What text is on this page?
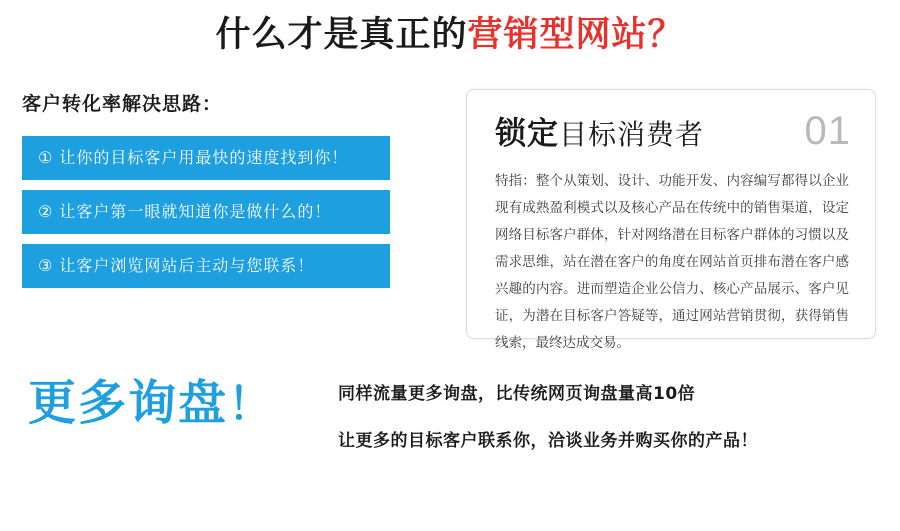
什么才是真正的营销型网站？
客户转化率解决思路：
① 让你的目标客户用最快的速度找到你！
② 让客户第一眼就知道你是做什么的！
③ 让客户浏览网站后主动与您联系！
锁定 目标消费者	01
特指：整个从策划、设计、功能开发、内容编写都得以企业现有成熟盈利模式以及核心产品在传统中的销售渠道，设定网络目标客户群体，针对网络潜在目标客户群体的习惯以及需求思维，站在潜在客户的角度在网站首页排布潜在客户感兴趣的内容。进而塑造企业公信力、核心产品展示、客户见证，为潜在目标客户答疑等，通过网站营销贯彻，获得销售线索，最终达成交易。
更多询盘！	同样流量更多询盘，比传统网页询盘量高10倍
让更多的目标客户联系你，洽谈业务并购买你的产品！
